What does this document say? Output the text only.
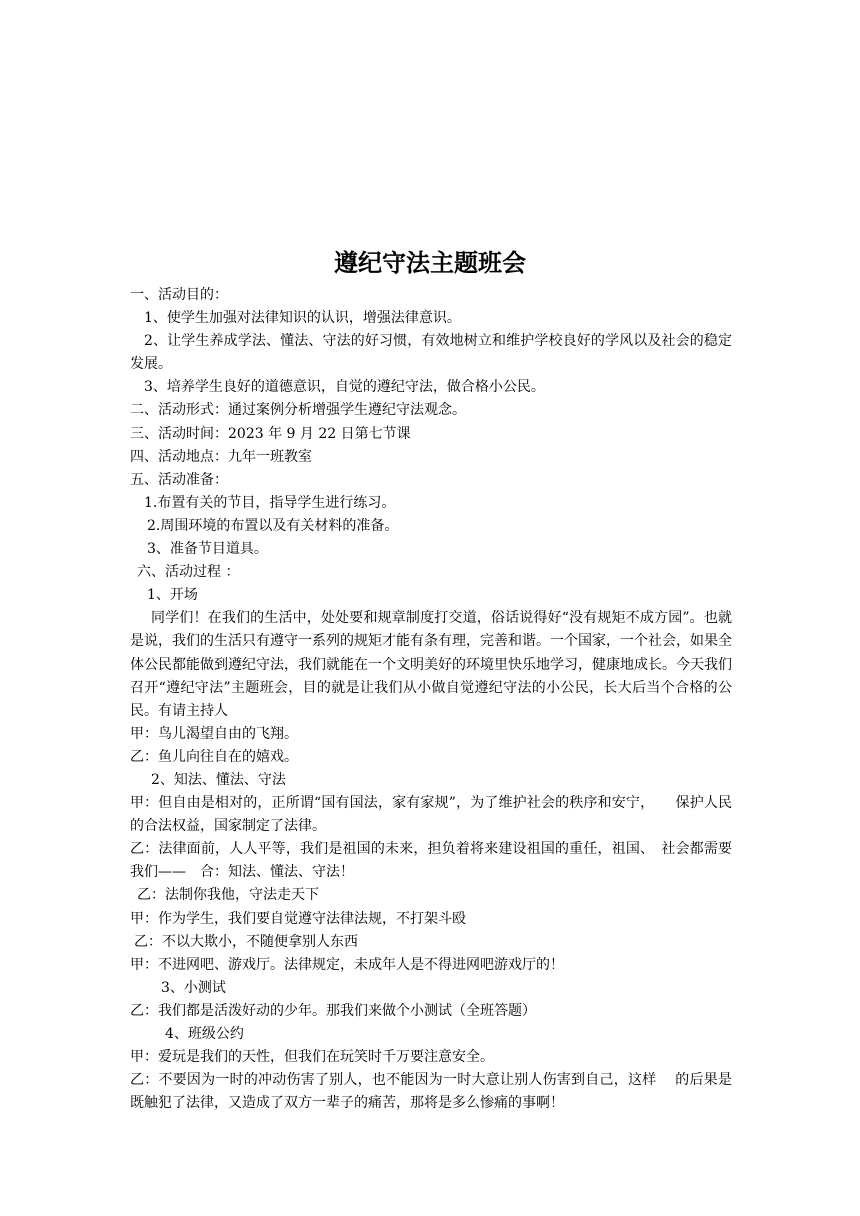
遵纪守法主题班会
一、活动目的：
1、使学生加强对法律知识的认识，增强法律意识。
2、让学生养成学法、懂法、守法的好习惯，有效地树立和维护学校良好的学风以及社会的稳定发展。
3、培养学生良好的道德意识，自觉的遵纪守法，做合格小公民。
二、活动形式：通过案例分析增强学生遵纪守法观念。
三、活动时间：2023 年 9 月 22 日第七节课
四、活动地点：九年一班教室
五、活动准备：
1.布置有关的节目，指导学生进行练习。
2.周围环境的布置以及有关材料的准备。
3、准备节目道具。
六、活动过程 ：
1、开场
同学们！在我们的生活中，处处要和规章制度打交道，俗话说得好“没有规矩不成方园”。也就是说，我们的生活只有遵守一系列的规矩才能有条有理，完善和谐。一个国家，一个社会，如果全体公民都能做到遵纪守法，我们就能在一个文明美好的环境里快乐地学习，健康地成长。今天我们召开“遵纪守法”主题班会，目的就是让我们从小做自觉遵纪守法的小公民，长大后当个合格的公民。有请主持人
甲：鸟儿渴望自由的飞翔。
乙：鱼儿向往自在的嬉戏。
2、知法、懂法、守法
甲：但自由是相对的，正所谓“国有国法，家有家规”，为了维护社会的秩序和安宁，　　保护人民的合法权益，国家制定了法律。
乙：法律面前，人人平等，我们是祖国的未来，担负着将来建设祖国的重任，祖国、　社会都需要我们——　合：知法、懂法、守法！
乙：法制你我他，守法走天下
甲：作为学生，我们要自觉遵守法律法规，不打架斗殴
乙：不以大欺小，不随便拿别人东西
甲：不进网吧、游戏厅。法律规定，未成年人是不得进网吧游戏厅的！
3、小测试
乙：我们都是活泼好动的少年。那我们来做个小测试（全班答题）
4、班级公约
甲：爱玩是我们的天性，但我们在玩笑时千万要注意安全。
乙：不要因为一时的冲动伤害了别人，也不能因为一时大意让别人伤害到自己，这样　 的后果是既触犯了法律，又造成了双方一辈子的痛苦，那将是多么惨痛的事啊！
